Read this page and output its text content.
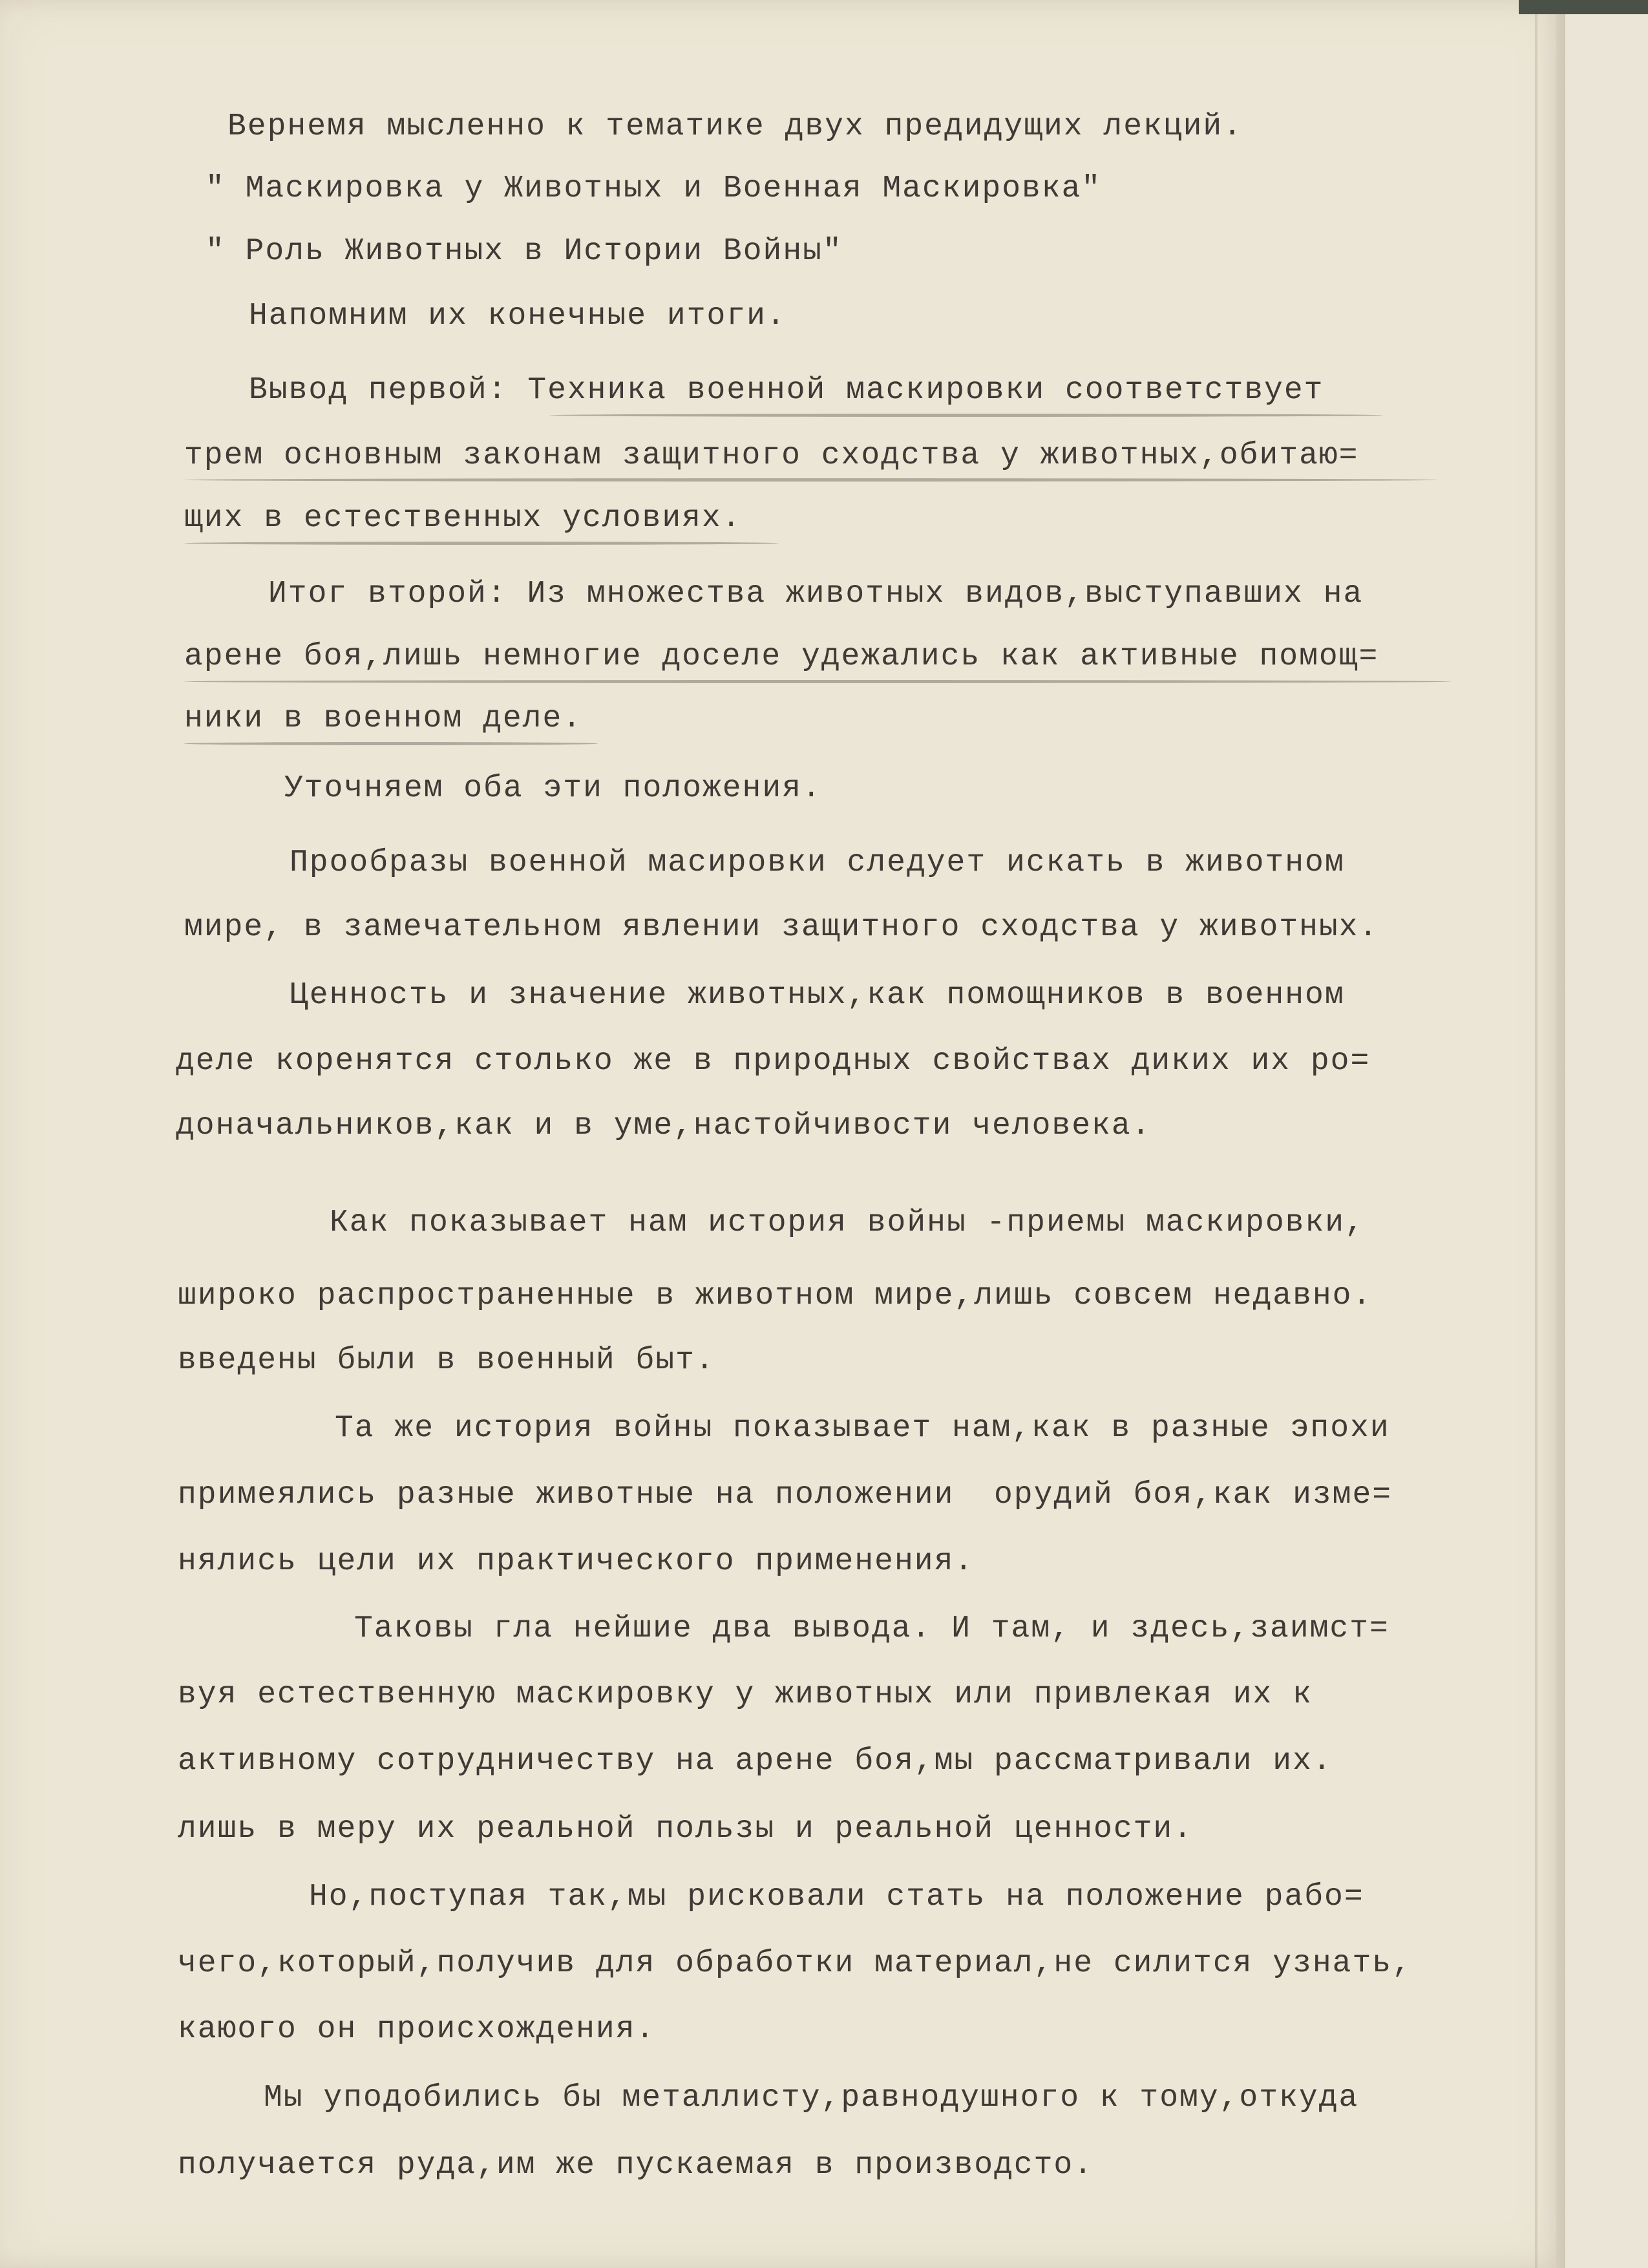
Вернемя мысленно к тематике двух предидущих лекций.
" Маскировка у Животных и Военная Маскировка"
" Роль Животных в Истории Войны"
Напомним их конечные итоги.
Вывод первой: Техника военной маскировки соответствует
трем основным законам защитного сходства у животных,обитаю=
щих в естественных условиях.
Итог второй: Из множества животных видов,выступавших на
арене боя,лишь немногие доселе удежались как активные помощ=
ники в военном деле.
Уточняем оба эти положения.
Прообразы военной масировки следует искать в животном
мире, в замечательном явлении защитного сходства у животных.
Ценность и значение животных,как помощников в военном
деле коренятся столько же в природных свойствах диких их ро=
доначальников,как и в уме,настойчивости человека.
Как показывает нам история войны -приемы маскировки,
широко распространенные в животном мире,лишь совсем недавно.
введены были в военный быт.
Та же история войны показывает нам,как в разные эпохи
примеялись разные животные на положении  орудий боя,как изме=
нялись цели их практического применения.
Таковы гла нейшие два вывода. И там, и здесь,заимст=
вуя естественную маскировку у животных или привлекая их к
активному сотрудничеству на арене боя,мы рассматривали их.
лишь в меру их реальной пользы и реальной ценности.
Но,поступая так,мы рисковали стать на положение рабо=
чего,который,получив для обработки материал,не силится узнать,
каюого он происхождения.
Мы уподобились бы металлисту,равнодушного к тому,откуда
получается руда,им же пускаемая в производсто.
